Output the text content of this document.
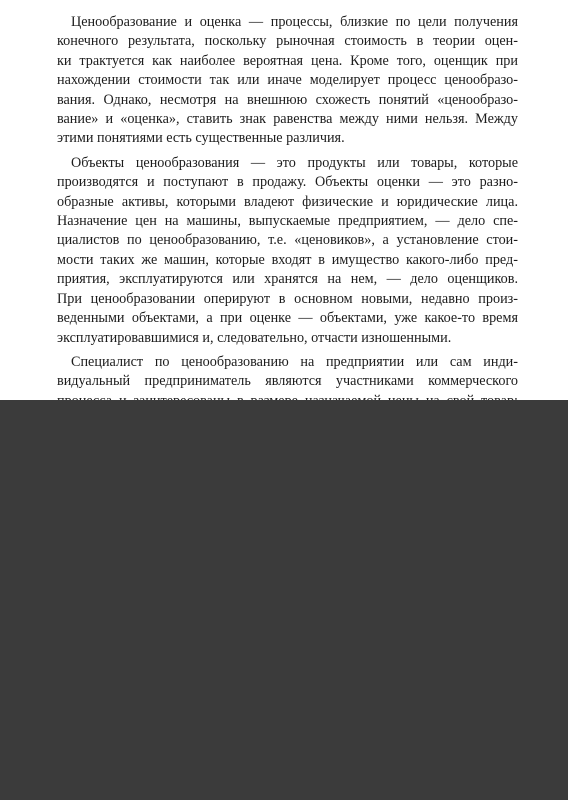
Ценообразование и оценка — процессы, близкие по цели получения
конечного результата, поскольку рыночная стоимость в теории оцен-
ки трактуется как наиболее вероятная цена. Кроме того, оценщик при
нахождении стоимости так или иначе моделирует процесс ценообразо-
вания. Однако, несмотря на внешнюю схожесть понятий «ценообразо-
вание» и «оценка», ставить знак равенства между ними нельзя. Между
этими понятиями есть существенные различия.

Объекты ценообразования — это продукты или товары, которые
производятся и поступают в продажу. Объекты оценки — это разно-
образные активы, которыми владеют физические и юридические лица.
Назначение цен на машины, выпускаемые предприятием, — дело спе-
циалистов по ценообразованию, т.е. «ценовиков», а установление стои-
мости таких же машин, которые входят в имущество какого-либо пред-
приятия, эксплуатируются или хранятся на нем, — дело оценщиков.
При ценообразовании оперируют в основном новыми, недавно произ-
веденными объектами, а при оценке — объектами, уже какое-то время
эксплуатировавшимися и, следовательно, отчасти изношенными.

Специалист по ценообразованию на предприятии или сам инди-
видуальный предприниматель являются участниками коммерческого
